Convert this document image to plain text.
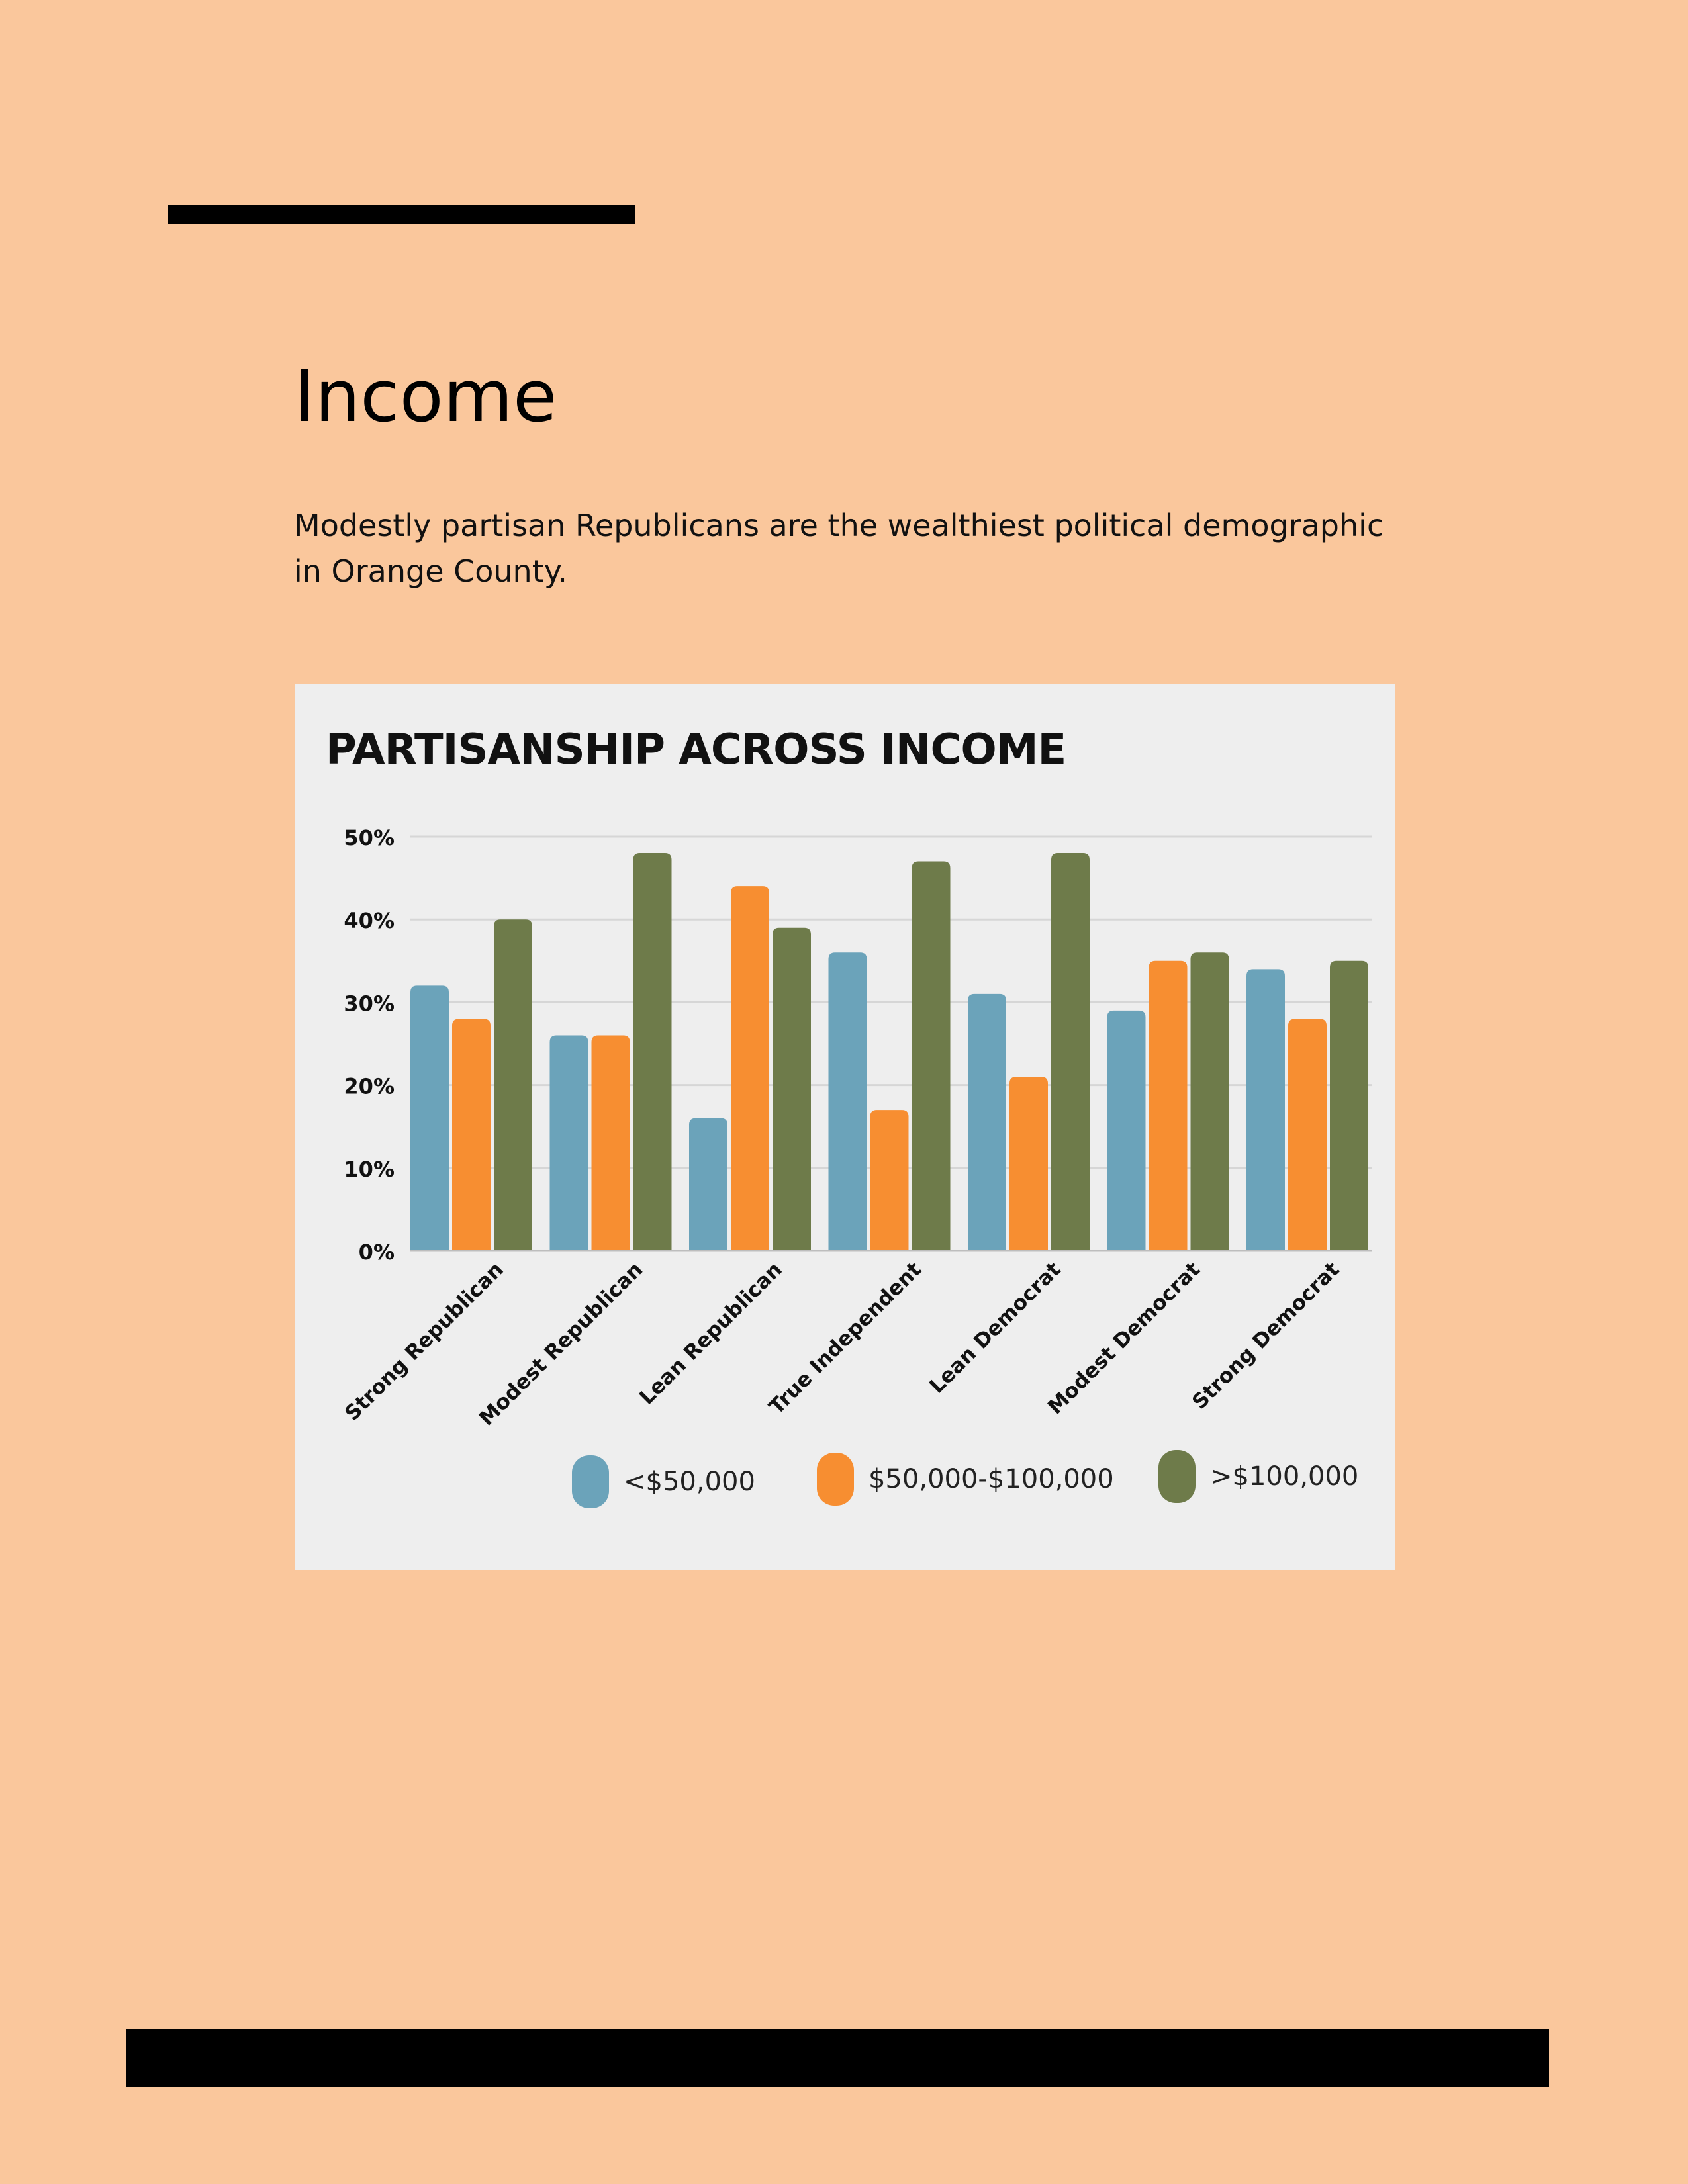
Income

Modestly partisan Republicans are the wealthiest political demographic in Orange County.

PARTISANSHIP ACROSS INCOME
0%
10%
20%
30%
40%
50%
Strong Republican
Modest Republican
Lean Republican
True Independent
Lean Democrat
Modest Democrat
Strong Democrat
<$50,000	$50,000-$100,000	>$100,000
